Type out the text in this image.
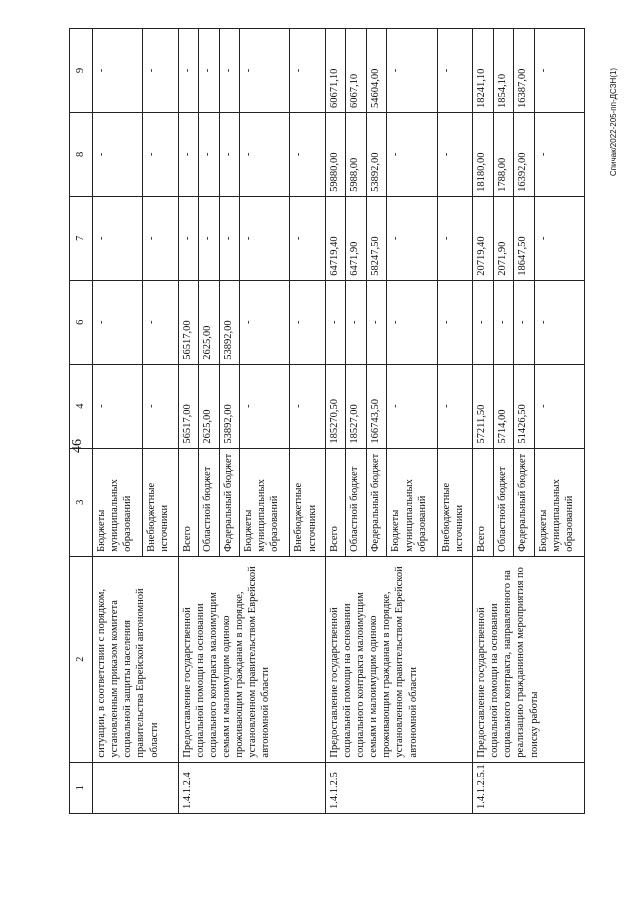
46
Спичак/2022-205-пп-ДСЗН(1)
1	2	3	4	6	7	8	9
	ситуации, в соответствии с порядком, установленным приказом комитета социальной защиты населения правительства Еврейской автономной области	Бюджеты муниципальных образований	-	-	-	-	-
		Внебюджетные источники	-	-	-	-	-
1.4.1.2.4	Предоставление государственной социальной помощи на основании социального контракта малоимущим семьям и малоимущим одиноко проживающим гражданам в порядке, установленном правительством Еврейской автономной области	Всего	56517,00	56517,00	-	-	-
		Областной бюджет	2625,00	2625,00	-	-	-
		Федеральный бюджет	53892,00	53892,00	-	-	-
		Бюджеты муниципальных образований	-	-	-	-	-
		Внебюджетные источники	-	-	-	-	-
1.4.1.2.5	Предоставление государственной социальной помощи на основании социального контракта малоимущим семьям и малоимущим одиноко проживающим гражданам в порядке, установленном правительством Еврейской автономной области	Всего	185270,50	-	64719,40	59880,00	60671,10
		Областной бюджет	18527,00	-	6471,90	5988,00	6067,10
		Федеральный бюджет	166743,50	-	58247,50	53892,00	54604,00
		Бюджеты муниципальных образований	-	-	-	-	-
		Внебюджетные источники	-	-	-	-	-
1.4.1.2.5.1	Предоставление государственной социальной помощи на основании социального контракта, направленного на реализацию гражданином мероприятия по поиску работы	Всего	57211,50	-	20719,40	18180,00	18241,10
		Областной бюджет	5714,00	-	2071,90	1788,00	1854,10
		Федеральный бюджет	51426,50	-	18647,50	16392,00	16387,00
		Бюджеты муниципальных образований	-	-	-	-	-
